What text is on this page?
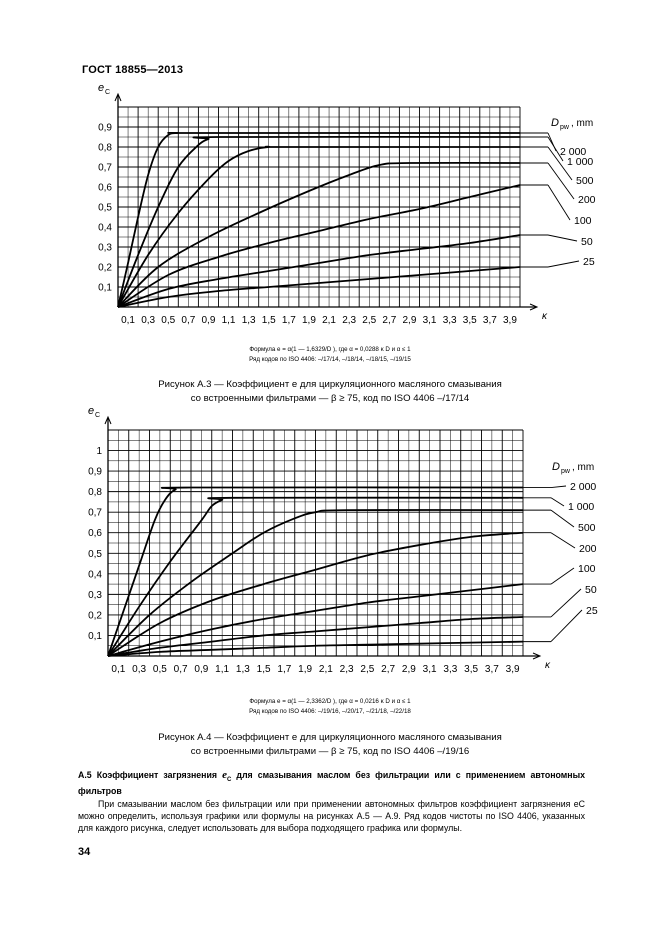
ГОСТ 18855—2013
0,1
0,2
0,3
0,4
0,5
0,6
0,7
0,8
0,9
0,1 0,3 0,5 0,7 0,9 1,1 1,3 1,5 1,7 1,9 2,1 2,3 2,5 2,7 2,9 3,1 3,3 3,5 3,7 3,9
e C
κ
D pw , mm
2 000
1 000
500
200
100
50
25
0,1
0,2
0,3
0,4
0,5
0,6
0,7
0,8
0,9
1
0,1 0,3 0,5 0,7 0,9 1,1 1,3 1,5 1,7 1,9 2,1 2,3 2,5 2,7 2,9 3,1 3,3 3,5 3,7 3,9
e C
κ
D pw , mm
2 000
1 000
500
200
100
50
25
Формула e = α(1 — 1,6329/D ), где α = 0,0288 κ D и α ≤ 1
Ряд кодов по ISO 4406: –/17/14, –/18/14, –/18/15, –/19/15
Рисунок А.3 — Коэффициент e для циркуляционного масляного смазывания
со встроенными фильтрами — β ≥ 75, код по ISO 4406 –/17/14
Формула e = α(1 — 2,3362/D ), где α = 0,0216 κ D и α ≤ 1
Ряд кодов по ISO 4406: –/19/16, –/20/17, –/21/18, –/22/18
Рисунок А.4 — Коэффициент e для циркуляционного масляного смазывания
со встроенными фильтрами — β ≥ 75, код по ISO 4406 –/19/16
А.5 Коэффициент загрязнения $e_C$ для смазывания маслом без фильтрации или с применением автономных фильтров
При смазывании маслом без фильтрации или при применении автономных фильтров коэффициент загрязнения eC можно определить, используя графики или формулы на рисунках А.5 — А.9. Ряд кодов чистоты по ISO 4406, указанных для каждого рисунка, следует использовать для выбора подходящего графика или формулы.
34
